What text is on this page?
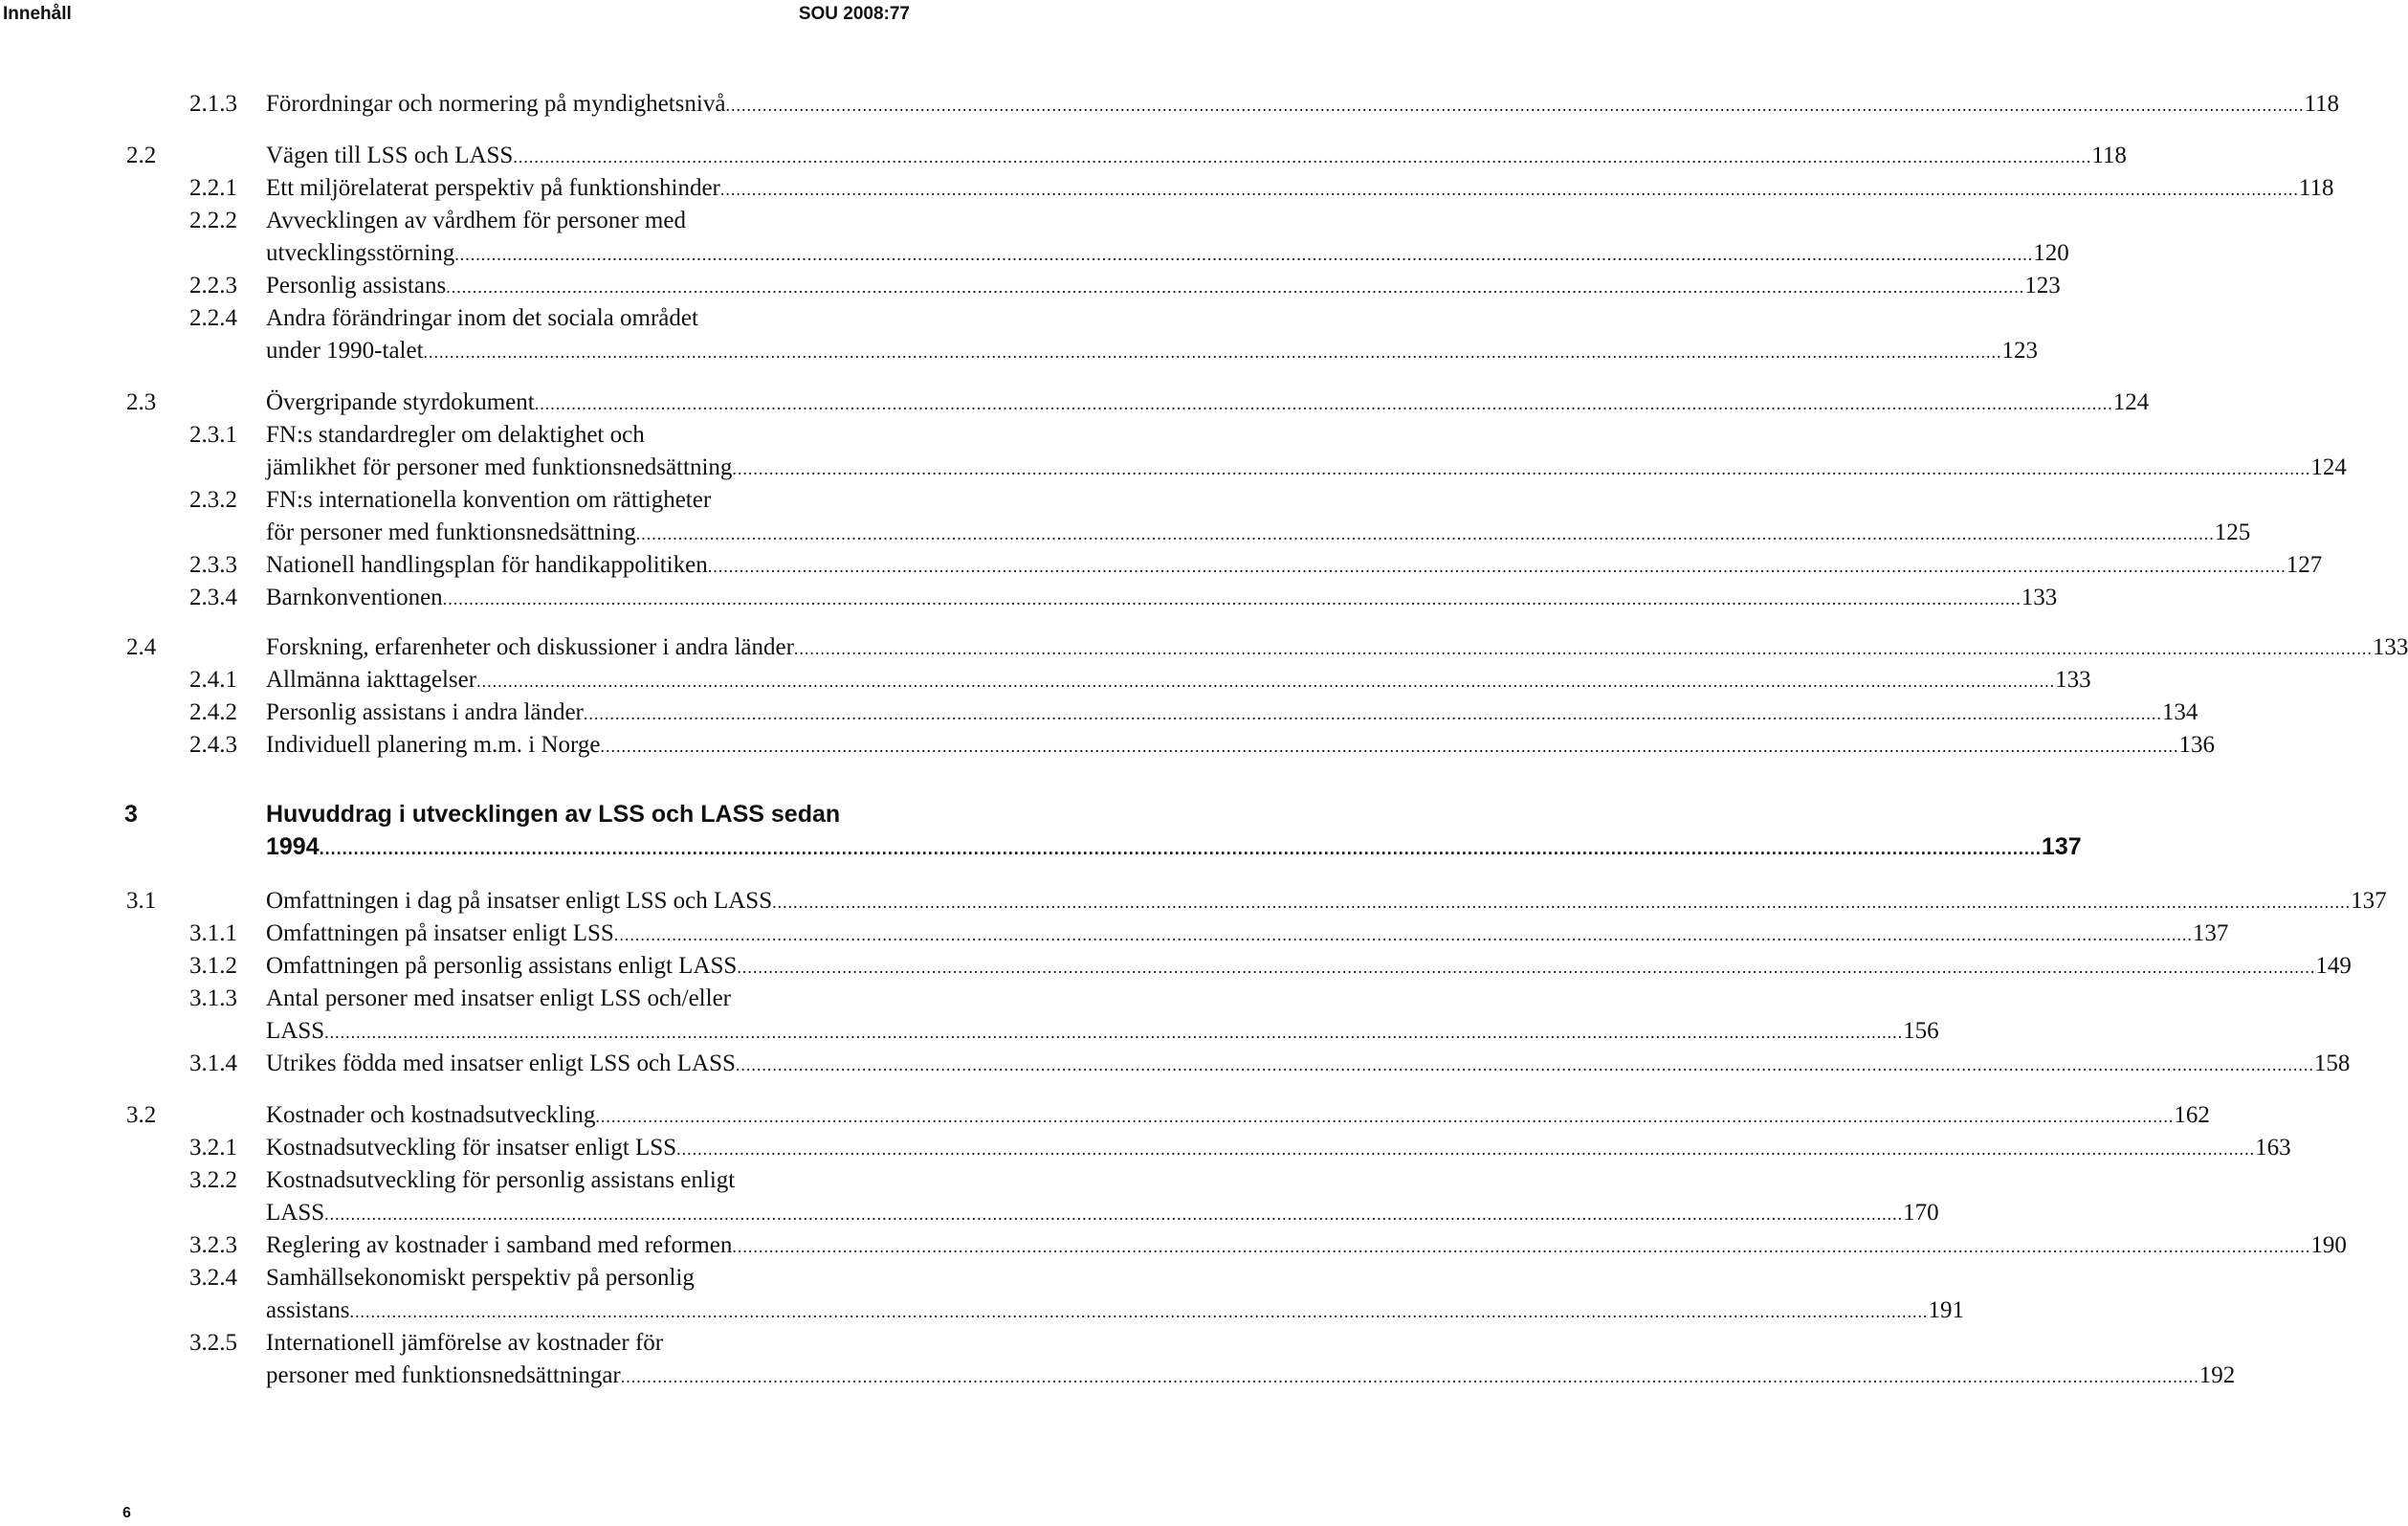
Innehåll	SOU 2008:77
2.1.3 Förordningar och normering på myndighetsnivå ............................................................................................................................................................................................................................................................................................................ 118
2.2	Vägen till LSS och LASS ............................................................................................................................................................................................................................................................................................................ 118
2.2.1 Ett miljörelaterat perspektiv på funktionshinder ............................................................................................................................................................................................................................................................................................................ 118
2.2.2 Avvecklingen av vårdhem för personer med
utvecklingsstörning ............................................................................................................................................................................................................................................................................................................ 120
2.2.3 Personlig assistans ............................................................................................................................................................................................................................................................................................................ 123
2.2.4 Andra förändringar inom det sociala området
under 1990-talet ............................................................................................................................................................................................................................................................................................................ 123
2.3	Övergripande styrdokument ............................................................................................................................................................................................................................................................................................................ 124
2.3.1 FN:s standardregler om delaktighet och
jämlikhet för personer med funktionsnedsättning ............................................................................................................................................................................................................................................................................................................ 124
2.3.2 FN:s internationella konvention om rättigheter
för personer med funktionsnedsättning ............................................................................................................................................................................................................................................................................................................ 125
2.3.3 Nationell handlingsplan för handikappolitiken ............................................................................................................................................................................................................................................................................................................ 127
2.3.4 Barnkonventionen ............................................................................................................................................................................................................................................................................................................ 133
2.4	Forskning, erfarenheter och diskussioner i andra länder ............................................................................................................................................................................................................................................................................................................ 133
2.4.1 Allmänna iakttagelser ............................................................................................................................................................................................................................................................................................................ 133
2.4.2 Personlig assistans i andra länder ............................................................................................................................................................................................................................................................................................................ 134
2.4.3 Individuell planering m.m. i Norge ............................................................................................................................................................................................................................................................................................................ 136
3	Huvuddrag i utvecklingen av LSS och LASS sedan
1994 ............................................................................................................................................................................................................................................................................................................ 137
3.1	Omfattningen i dag på insatser enligt LSS och LASS ............................................................................................................................................................................................................................................................................................................ 137
3.1.1 Omfattningen på insatser enligt LSS ............................................................................................................................................................................................................................................................................................................ 137
3.1.2 Omfattningen på personlig assistans enligt LASS ............................................................................................................................................................................................................................................................................................................ 149
3.1.3 Antal personer med insatser enligt LSS och/eller
LASS ............................................................................................................................................................................................................................................................................................................ 156
3.1.4 Utrikes födda med insatser enligt LSS och LASS ............................................................................................................................................................................................................................................................................................................ 158
3.2	Kostnader och kostnadsutveckling ............................................................................................................................................................................................................................................................................................................ 162
3.2.1 Kostnadsutveckling för insatser enligt LSS ............................................................................................................................................................................................................................................................................................................ 163
3.2.2 Kostnadsutveckling för personlig assistans enligt
LASS ............................................................................................................................................................................................................................................................................................................ 170
3.2.3 Reglering av kostnader i samband med reformen ............................................................................................................................................................................................................................................................................................................ 190
3.2.4 Samhällsekonomiskt perspektiv på personlig
assistans ............................................................................................................................................................................................................................................................................................................ 191
3.2.5 Internationell jämförelse av kostnader för
personer med funktionsnedsättningar ............................................................................................................................................................................................................................................................................................................ 192
6
